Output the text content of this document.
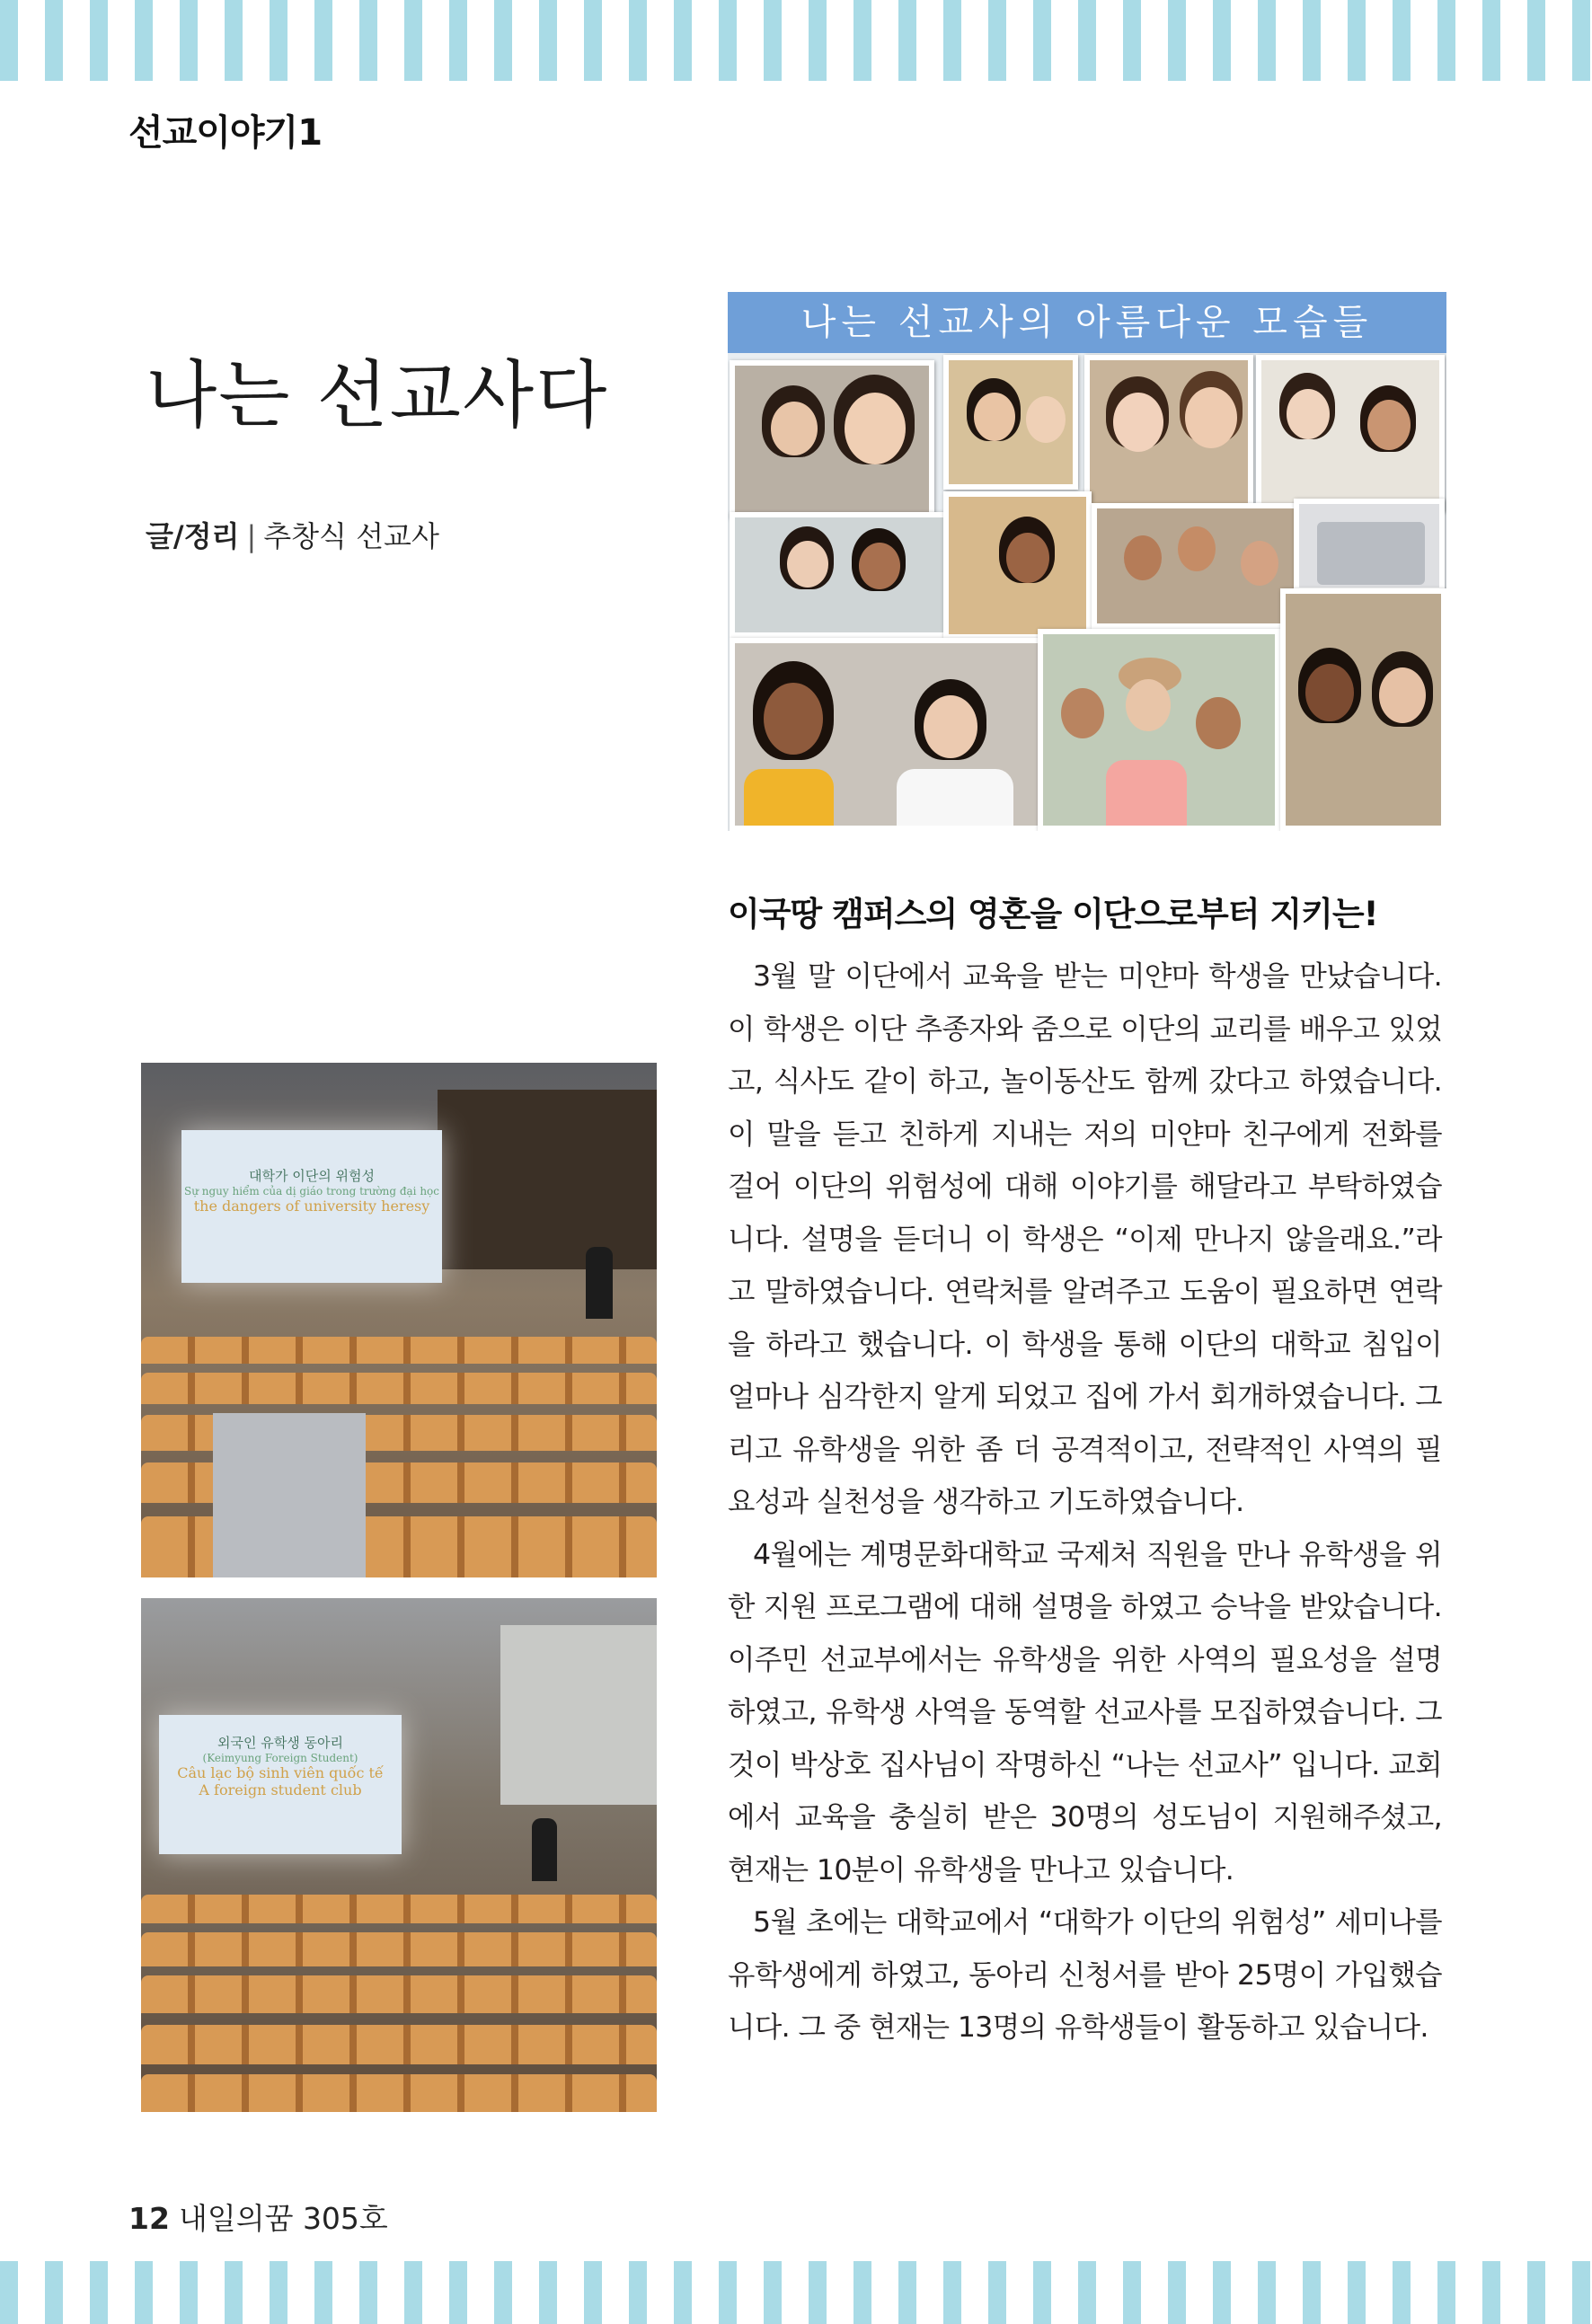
선교이야기1
나는 선교사다
글/정리 | 추창식 선교사
나는 선교사의 아름다운 모습들
대학가 이단의 위험성
Sự nguy hiểm của dị giáo trong trường đại học
the dangers of university heresy
외국인 유학생 동아리
(Keimyung Foreign Student)
Câu lạc bộ sinh viên quốc tế
A foreign student club
이국땅 캠퍼스의 영혼을 이단으로부터 지키는!

3월 말 이단에서 교육을 받는 미얀마 학생을 만났습니다. 이 학생은 이단 추종자와 줌으로 이단의 교리를 배우고 있었고, 식사도 같이 하고, 놀이동산도 함께 갔다고 하였습니다. 이 말을 듣고 친하게 지내는 저의 미얀마 친구에게 전화를 걸어 이단의 위험성에 대해 이야기를 해달라고 부탁하였습니다. 설명을 듣더니 이 학생은 “이제 만나지 않을래요.”라고 말하였습니다. 연락처를 알려주고 도움이 필요하면 연락을 하라고 했습니다. 이 학생을 통해 이단의 대학교 침입이 얼마나 심각한지 알게 되었고 집에 가서 회개하였습니다. 그리고 유학생을 위한 좀 더 공격적이고, 전략적인 사역의 필요성과 실천성을 생각하고 기도하였습니다.

4월에는 계명문화대학교 국제처 직원을 만나 유학생을 위한 지원 프로그램에 대해 설명을 하였고 승낙을 받았습니다. 이주민 선교부에서는 유학생을 위한 사역의 필요성을 설명하였고, 유학생 사역을 동역할 선교사를 모집하였습니다. 그것이 박상호 집사님이 작명하신 “나는 선교사” 입니다. 교회에서 교육을 충실히 받은 30명의 성도님이 지원해주셨고, 현재는 10분이 유학생을 만나고 있습니다.

5월 초에는 대학교에서 “대학가 이단의 위험성” 세미나를 유학생에게 하였고, 동아리 신청서를 받아 25명이 가입했습니다. 그 중 현재는 13명의 유학생들이 활동하고 있습니다.

12 내일의꿈 305호
